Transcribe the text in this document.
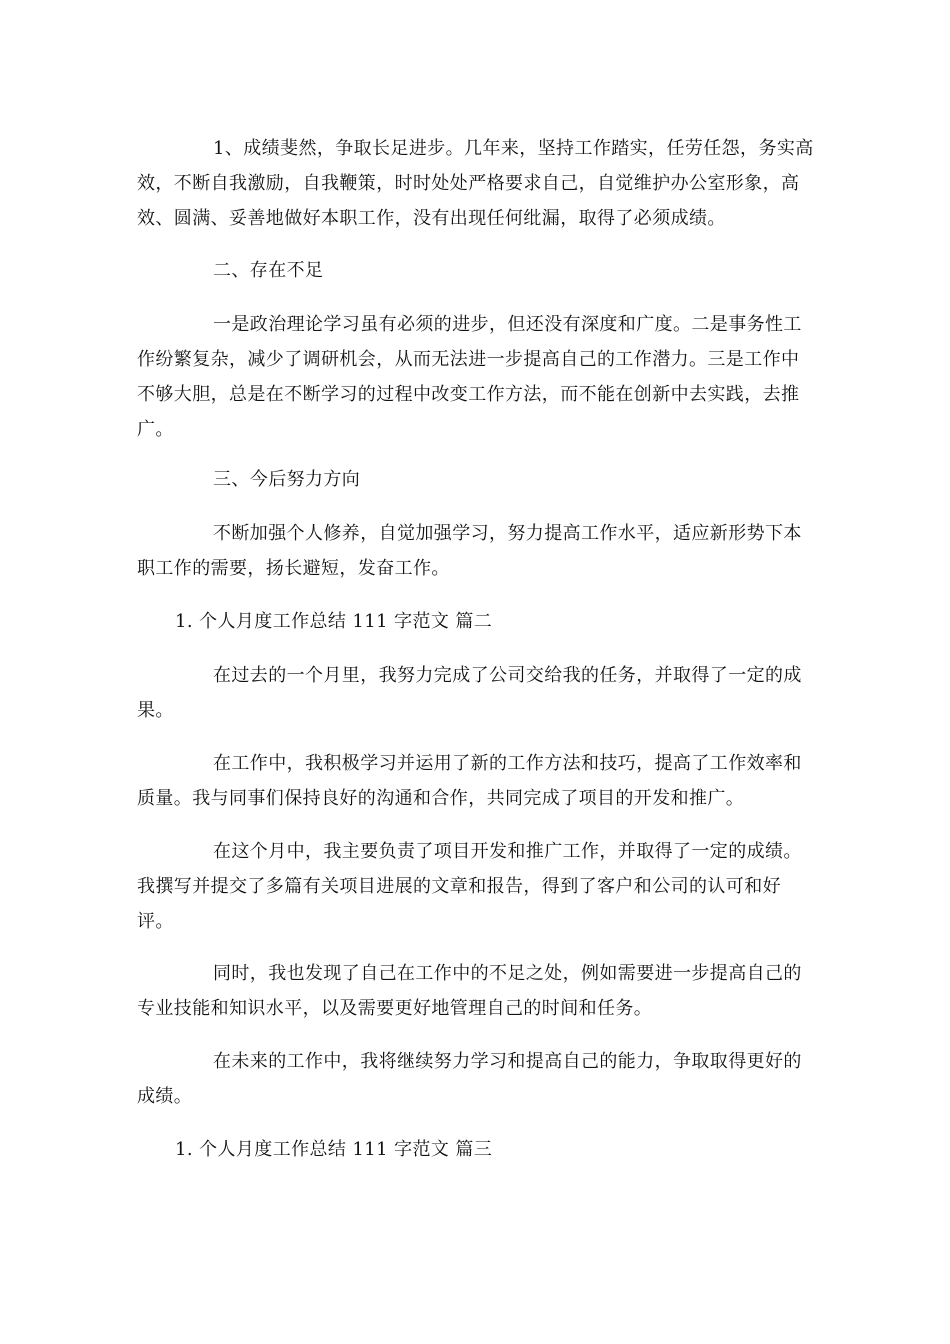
1、成绩斐然，争取长足进步。几年来，坚持工作踏实，任劳任怨，务实高效，不断自我激励，自我鞭策，时时处处严格要求自己，自觉维护办公室形象，高效、圆满、妥善地做好本职工作，没有出现任何纰漏，取得了必须成绩。

二、存在不足

一是政治理论学习虽有必须的进步，但还没有深度和广度。二是事务性工作纷繁复杂，减少了调研机会，从而无法进一步提高自己的工作潜力。三是工作中不够大胆，总是在不断学习的过程中改变工作方法，而不能在创新中去实践，去推广。

三、今后努力方向

不断加强个人修养，自觉加强学习，努力提高工作水平，适应新形势下本职工作的需要，扬长避短，发奋工作。

1. 个人月度工作总结 111 字范文 篇二

在过去的一个月里，我努力完成了公司交给我的任务，并取得了一定的成果。

在工作中，我积极学习并运用了新的工作方法和技巧，提高了工作效率和质量。我与同事们保持良好的沟通和合作，共同完成了项目的开发和推广。

在这个月中，我主要负责了项目开发和推广工作，并取得了一定的成绩。我撰写并提交了多篇有关项目进展的文章和报告，得到了客户和公司的认可和好评。

同时，我也发现了自己在工作中的不足之处，例如需要进一步提高自己的专业技能和知识水平，以及需要更好地管理自己的时间和任务。

在未来的工作中，我将继续努力学习和提高自己的能力，争取取得更好的成绩。

1. 个人月度工作总结 111 字范文 篇三
